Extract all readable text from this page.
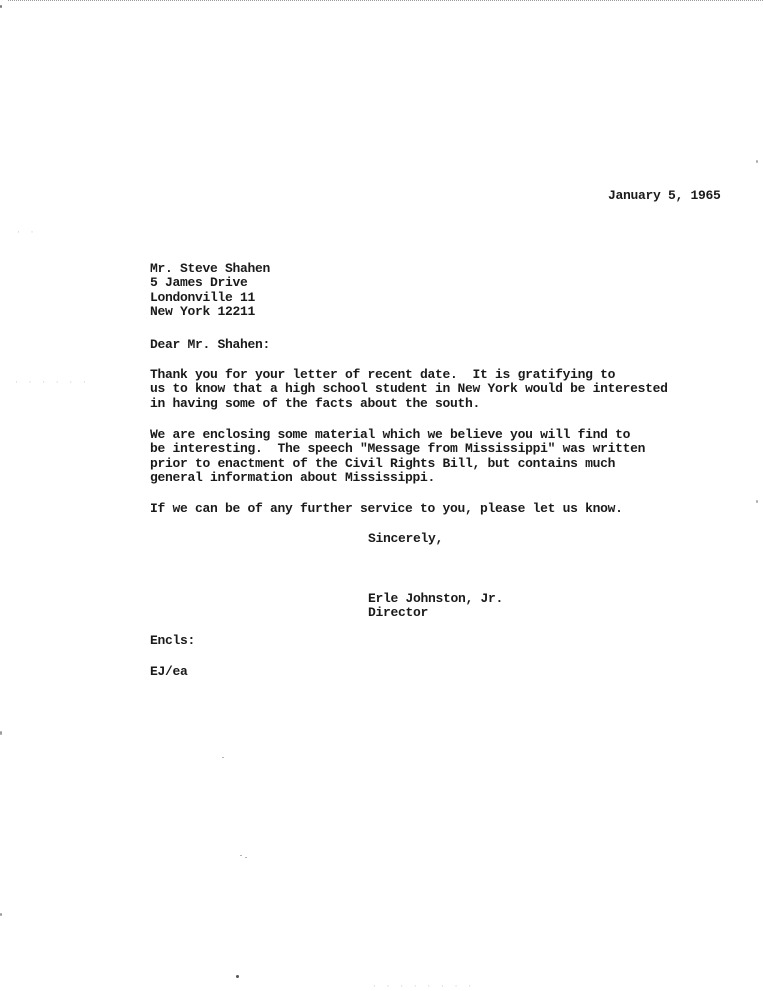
January 5, 1965
Mr. Steve Shahen
5 James Drive
Londonville 11
New York 12211
Dear Mr. Shahen:
Thank you for your letter of recent date.  It is gratifying to
us to know that a high school student in New York would be interested
in having some of the facts about the south.
We are enclosing some material which we believe you will find to
be interesting.  The speech "Message from Mississippi" was written
prior to enactment of the Civil Rights Bill, but contains much
general information about Mississippi.
If we can be of any further service to you, please let us know.
Sincerely,
Erle Johnston, Jr.
Director
Encls:
EJ/ea
· · · · · ·
· ·
· · · · · · · ·
